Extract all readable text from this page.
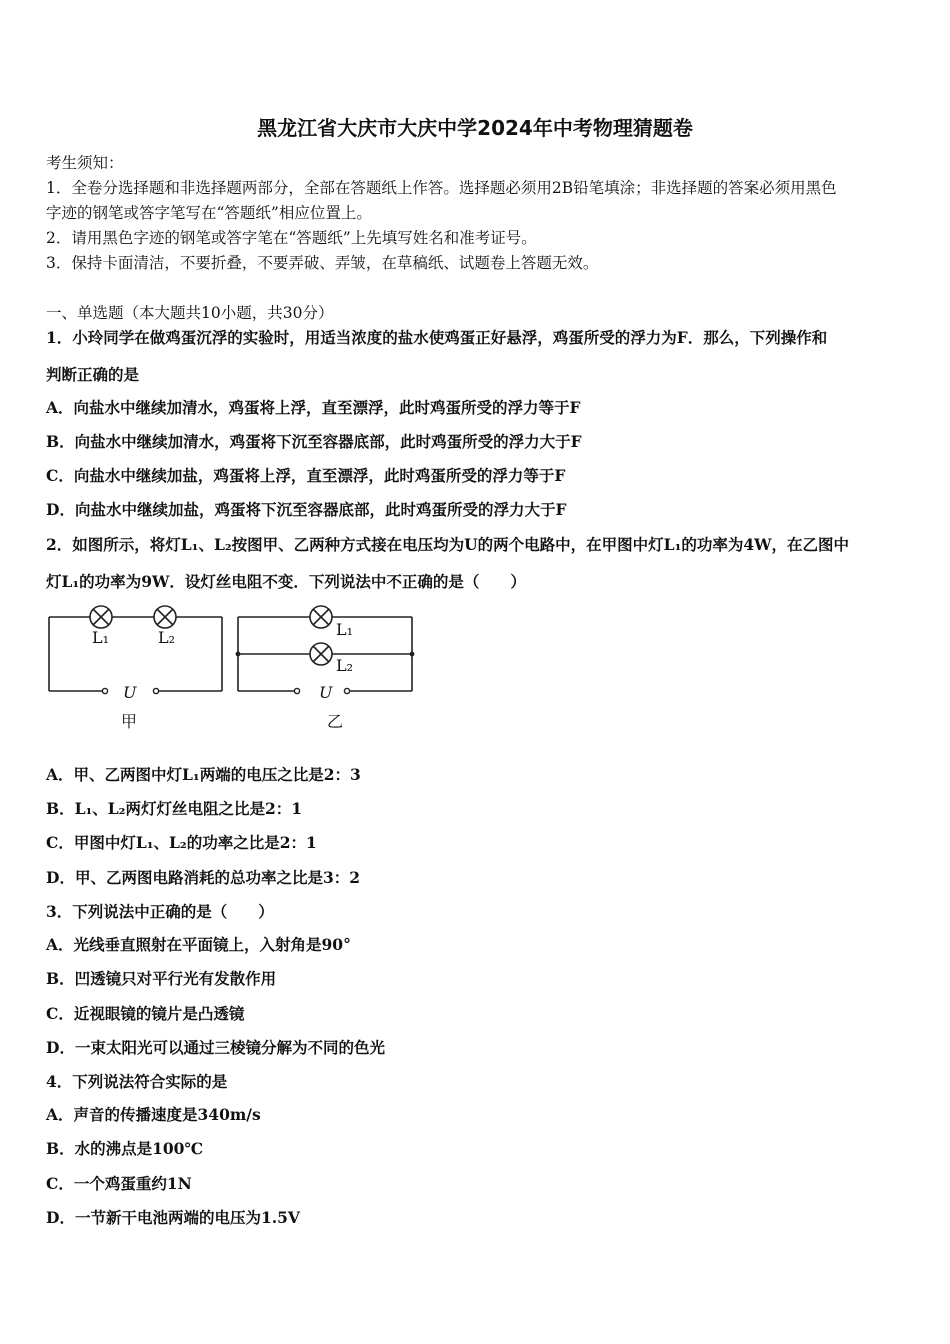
黑龙江省大庆市大庆中学2024年中考物理猜题卷
考生须知：
1．全卷分选择题和非选择题两部分，全部在答题纸上作答。选择题必须用2B铅笔填涂；非选择题的答案必须用黑色
字迹的钢笔或答字笔写在“答题纸”相应位置上。
2．请用黑色字迹的钢笔或答字笔在“答题纸”上先填写姓名和准考证号。
3．保持卡面清洁，不要折叠，不要弄破、弄皱，在草稿纸、试题卷上答题无效。
一、单选题（本大题共10小题，共30分）
1．小玲同学在做鸡蛋沉浮的实验时，用适当浓度的盐水使鸡蛋正好悬浮，鸡蛋所受的浮力为F．那么，下列操作和
判断正确的是
A．向盐水中继续加清水，鸡蛋将上浮，直至漂浮，此时鸡蛋所受的浮力等于F
B．向盐水中继续加清水，鸡蛋将下沉至容器底部，此时鸡蛋所受的浮力大于F
C．向盐水中继续加盐，鸡蛋将上浮，直至漂浮，此时鸡蛋所受的浮力等于F
D．向盐水中继续加盐，鸡蛋将下沉至容器底部，此时鸡蛋所受的浮力大于F
2．如图所示，将灯L₁、L₂按图甲、乙两种方式接在电压均为U的两个电路中，在甲图中灯L₁的功率为4W，在乙图中
灯L₁的功率为9W．设灯丝电阻不变．下列说法中不正确的是（　　）
L₁	L₂
U
甲
L₁
L₂
U
乙
A．甲、乙两图中灯L₁两端的电压之比是2：3
B．L₁、L₂两灯灯丝电阻之比是2：1
C．甲图中灯L₁、L₂的功率之比是2：1
D．甲、乙两图电路消耗的总功率之比是3：2
3．下列说法中正确的是（　　）
A．光线垂直照射在平面镜上，入射角是90°
B．凹透镜只对平行光有发散作用
C．近视眼镜的镜片是凸透镜
D．一束太阳光可以通过三棱镜分解为不同的色光
4．下列说法符合实际的是
A．声音的传播速度是340m/s
B．水的沸点是100℃
C．一个鸡蛋重约1N
D．一节新干电池两端的电压为1.5V
